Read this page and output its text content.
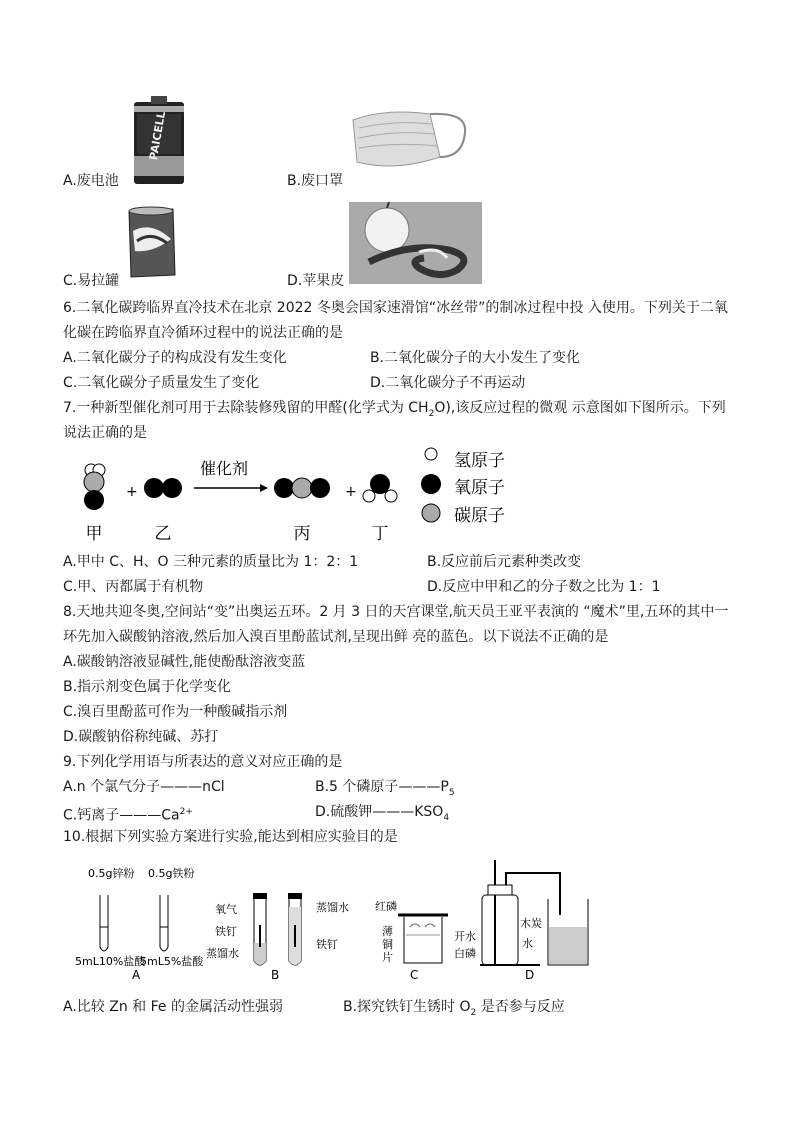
PAICELL
A.废电池	B.废口罩
C.易拉罐	D.苹果皮
6.二氧化碳跨临界直冷技术在北京 2022 冬奥会国家速滑馆“冰丝带”的制冰过程中投 入使用。下列关于二氧
化碳在跨临界直冷循环过程中的说法正确的是
A.二氧化碳分子的构成没有发生变化	B.二氧化碳分子的大小发生了变化
C.二氧化碳分子质量发生了变化	D.二氧化碳分子不再运动
7.一种新型催化剂可用于去除装修残留的甲醛(化学式为 $CH_2O$),该反应过程的微观 示意图如下图所示。下列
说法正确的是
+
催化剂
+
甲	乙	丙	丁
氢原子
氧原子
碳原子
A.甲中 C、H、O 三种元素的质量比为 1：2：1	B.反应前后元素种类改变
C.甲、丙都属于有机物	D.反应中甲和乙的分子数之比为 1：1
8.天地共迎冬奥,空间站“变”出奥运五环。2 月 3 日的天宫课堂,航天员王亚平表演的 “魔术”里,五环的其中一
环先加入碳酸钠溶液,然后加入溴百里酚蓝试剂,呈现出鲜 亮的蓝色。以下说法不正确的是
A.碳酸钠溶液显碱性,能使酚酞溶液变蓝
B.指示剂变色属于化学变化
C.溴百里酚蓝可作为一种酸碱指示剂
D.碳酸钠俗称纯碱、苏打
9.下列化学用语与所表达的意义对应正确的是
A.n 个氯气分子———nCl	B.5 个磷原子$———P_5$
C.钙离子$———Ca^{2+}$	D.硫酸钾$———KSO_4$
10.根据下列实验方案进行实验,能达到相应实验目的是
0.5g锌粉 0.5g铁粉
5mL10%盐酸
5mL5%盐酸
A
氧气
铁钉
蒸馏水
蒸馏水
铁钉
B
红磷
薄
铜
片
开水
白磷
C
木炭
水
D
A.比较 Zn 和 Fe 的金属活动性强弱	B.探究铁钉生锈时 $O_2$ 是否参与反应
